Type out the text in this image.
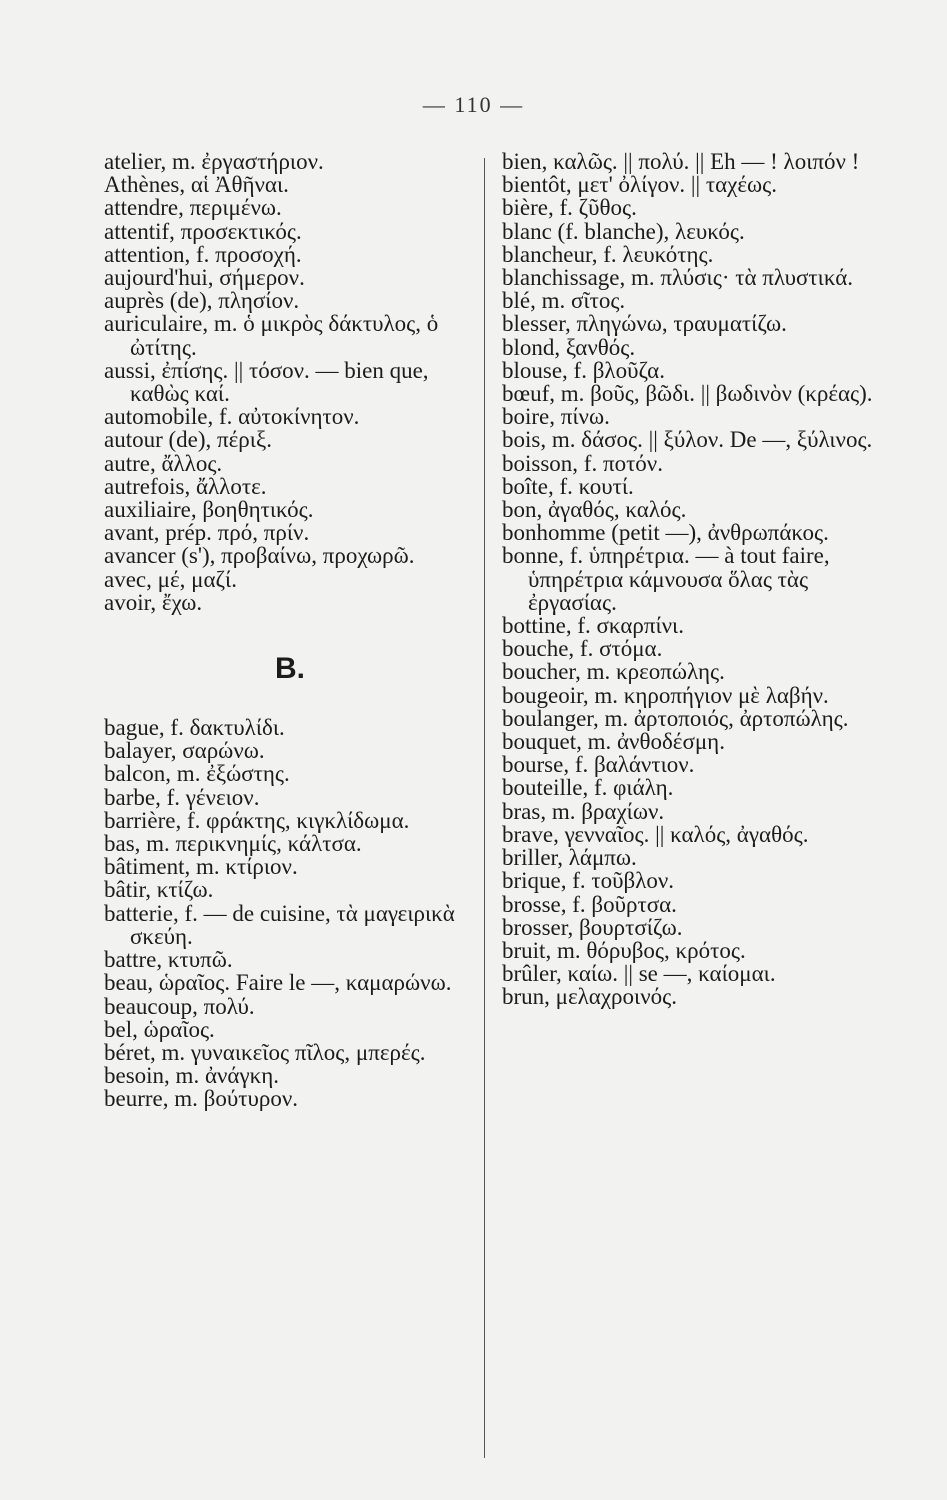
— 110 —

atelier, m. ἐργαστήριον.

Athènes, αἱ Ἀθῆναι.

attendre, περιμένω.

attentif, προσεκτικός.

attention, f. προσοχή.

aujourd'hui, σήμερον.

auprès (de), πλησίον.

auriculaire, m. ὁ μικρὸς δάκτυλος, ὁ ὠτίτης.

aussi, ἐπίσης. || τόσον. — bien que, καθὼς καί.

automobile, f. αὐτοκίνητον.

autour (de), πέριξ.

autre, ἄλλος.

autrefois, ἄλλοτε.

auxiliaire, βοηθητικός.

avant, prép. πρό, πρίν.

avancer (s'), προβαίνω, προχωρῶ.

avec, μέ, μαζί.

avoir, ἔχω.

B.

bague, f. δακτυλίδι.

balayer, σαρώνω.

balcon, m. ἐξώστης.

barbe, f. γένειον.

barrière, f. φράκτης, κιγκλίδωμα.

bas, m. περικνημίς, κάλτσα.

bâtiment, m. κτίριον.

bâtir, κτίζω.

batterie, f. — de cuisine, τὰ μαγειρικὰ σκεύη.

battre, κτυπῶ.

beau, ὡραῖος. Faire le —, καμαρώνω.

beaucoup, πολύ.

bel, ὡραῖος.

béret, m. γυναικεῖος πῖλος, μπερές.

besoin, m. ἀνάγκη.

beurre, m. βούτυρον.

bien, καλῶς. || πολύ. || Eh — ! λοιπόν !

bientôt, μετ' ὀλίγον. || ταχέως.

bière, f. ζῦθος.

blanc (f. blanche), λευκός.

blancheur, f. λευκότης.

blanchissage, m. πλύσις· τὰ πλυστικά.

blé, m. σῖτος.

blesser, πληγώνω, τραυματίζω.

blond, ξανθός.

blouse, f. βλοῦζα.

bœuf, m. βοῦς, βῶδι. || βωδινὸν (κρέας).

boire, πίνω.

bois, m. δάσος. || ξύλον. De —, ξύλινος.

boisson, f. ποτόν.

boîte, f. κουτί.

bon, ἀγαθός, καλός.

bonhomme (petit —), ἀνθρωπάκος.

bonne, f. ὑπηρέτρια. — à tout faire, ὑπηρέτρια κάμνουσα ὅλας τὰς ἐργασίας.

bottine, f. σκαρπίνι.

bouche, f. στόμα.

boucher, m. κρεοπώλης.

bougeoir, m. κηροπήγιον μὲ λαβήν.

boulanger, m. ἀρτοποιός, ἀρτοπώλης.

bouquet, m. ἀνθοδέσμη.

bourse, f. βαλάντιον.

bouteille, f. φιάλη.

bras, m. βραχίων.

brave, γενναῖος. || καλός, ἀγαθός.

briller, λάμπω.

brique, f. τοῦβλον.

brosse, f. βοῦρτσα.

brosser, βουρτσίζω.

bruit, m. θόρυβος, κρότος.

brûler, καίω. || se —, καίομαι.

brun, μελαχροινός.
